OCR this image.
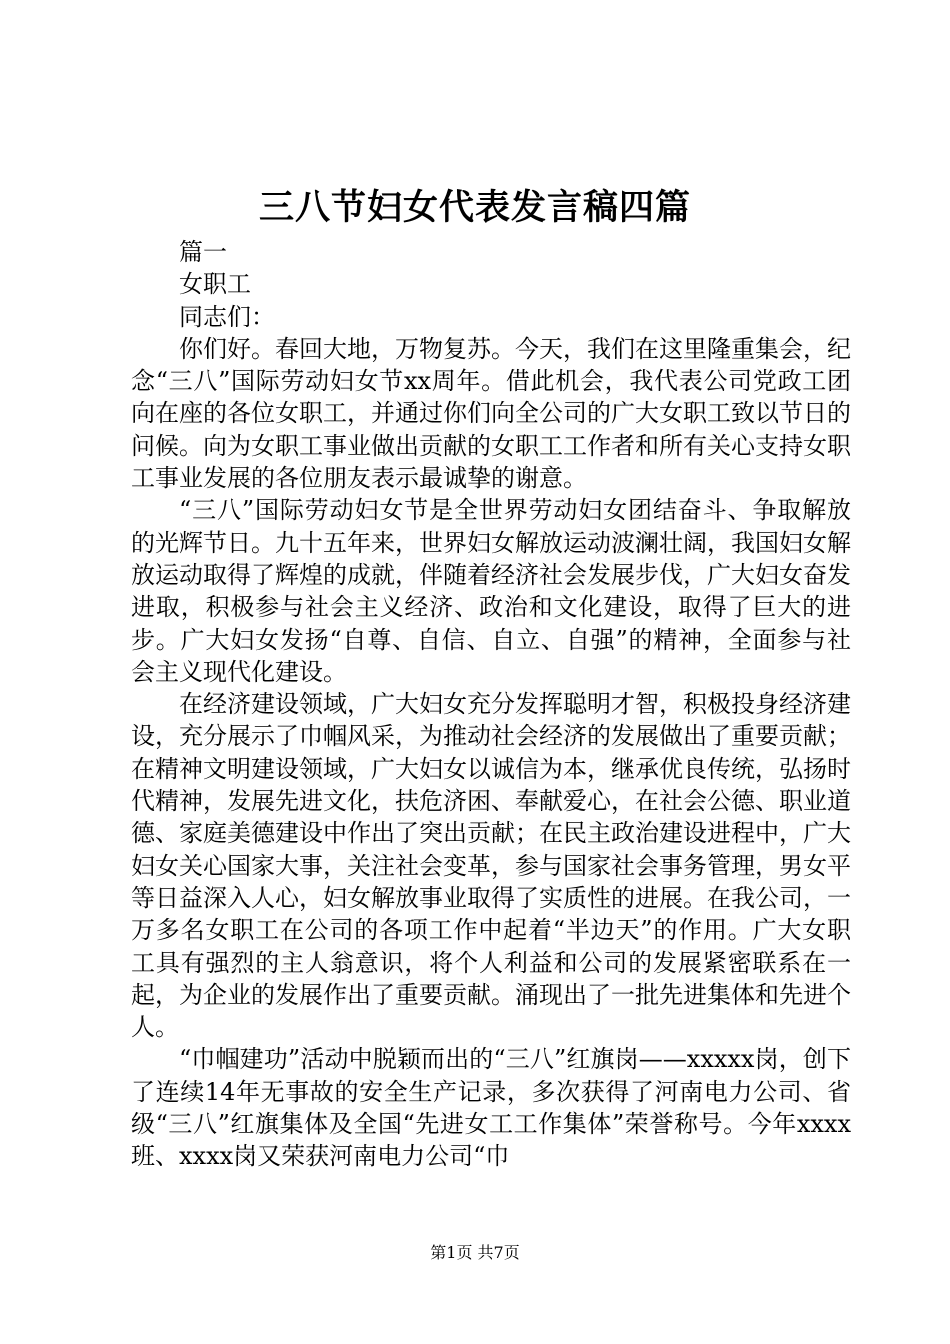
三八节妇女代表发言稿四篇

篇一

女职工

同志们：

你们好。春回大地，万物复苏。今天，我们在这里隆重集会，纪念“三八”国际劳动妇女节xx周年。借此机会，我代表公司党政工团向在座的各位女职工，并通过你们向全公司的广大女职工致以节日的问候。向为女职工事业做出贡献的女职工工作者和所有关心支持女职工事业发展的各位朋友表示最诚挚的谢意。

“三八”国际劳动妇女节是全世界劳动妇女团结奋斗、争取解放的光辉节日。九十五年来，世界妇女解放运动波澜壮阔，我国妇女解放运动取得了辉煌的成就，伴随着经济社会发展步伐，广大妇女奋发进取，积极参与社会主义经济、政治和文化建设，取得了巨大的进步。广大妇女发扬“自尊、自信、自立、自强”的精神，全面参与社会主义现代化建设。

在经济建设领域，广大妇女充分发挥聪明才智，积极投身经济建设，充分展示了巾帼风采，为推动社会经济的发展做出了重要贡献；在精神文明建设领域，广大妇女以诚信为本，继承优良传统，弘扬时代精神，发展先进文化，扶危济困、奉献爱心，在社会公德、职业道德、家庭美德建设中作出了突出贡献；在民主政治建设进程中，广大妇女关心国家大事，关注社会变革，参与国家社会事务管理，男女平等日益深入人心，妇女解放事业取得了实质性的进展。在我公司，一万多名女职工在公司的各项工作中起着“半边天”的作用。广大女职工具有强烈的主人翁意识，将个人利益和公司的发展紧密联系在一起，为企业的发展作出了重要贡献。涌现出了一批先进集体和先进个人。

“巾帼建功”活动中脱颖而出的“三八”红旗岗——xxxxx岗，创下了连续14年无事故的安全生产记录，多次获得了河南电力公司、省级“三八”红旗集体及全国“先进女工工作集体”荣誉称号。今年xxxx班、xxxx岗又荣获河南电力公司“巾

第1页 共7页
